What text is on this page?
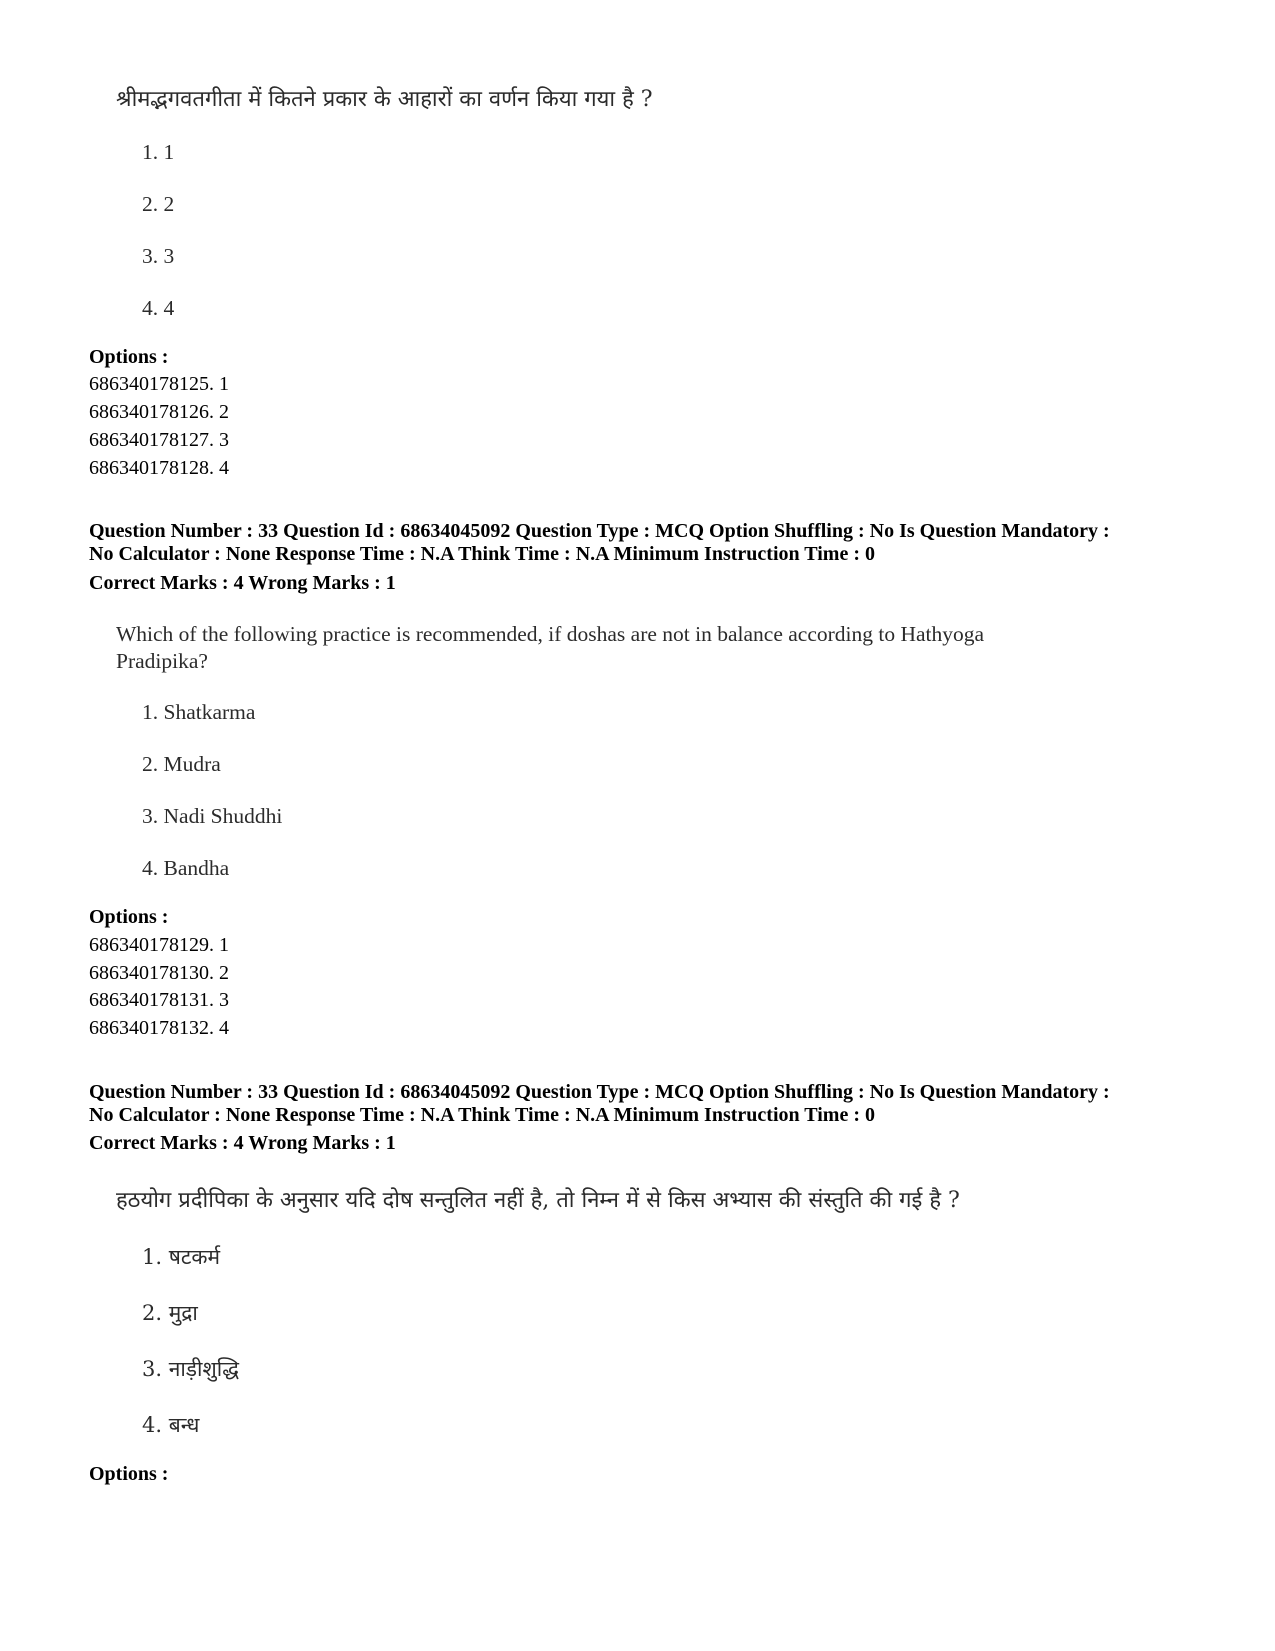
श्रीमद्भगवतगीता में कितने प्रकार के आहारों का वर्णन किया गया है ?
1. 1
2. 2
3. 3
4. 4
Options :
686340178125. 1
686340178126. 2
686340178127. 3
686340178128. 4
Question Number : 33 Question Id : 68634045092 Question Type : MCQ Option Shuffling : No Is Question Mandatory :
No Calculator : None Response Time : N.A Think Time : N.A Minimum Instruction Time : 0
Correct Marks : 4 Wrong Marks : 1
Which of the following practice is recommended, if doshas are not in balance according to Hathyoga
Pradipika?
1. Shatkarma
2. Mudra
3. Nadi Shuddhi
4. Bandha
Options :
686340178129. 1
686340178130. 2
686340178131. 3
686340178132. 4
Question Number : 33 Question Id : 68634045092 Question Type : MCQ Option Shuffling : No Is Question Mandatory :
No Calculator : None Response Time : N.A Think Time : N.A Minimum Instruction Time : 0
Correct Marks : 4 Wrong Marks : 1
हठयोग प्रदीपिका के अनुसार यदि दोष सन्तुलित नहीं है, तो निम्न में से किस अभ्यास की संस्तुति की गई है ?
1. षटकर्म
2. मुद्रा
3. नाड़ीशुद्धि
4. बन्ध
Options :
